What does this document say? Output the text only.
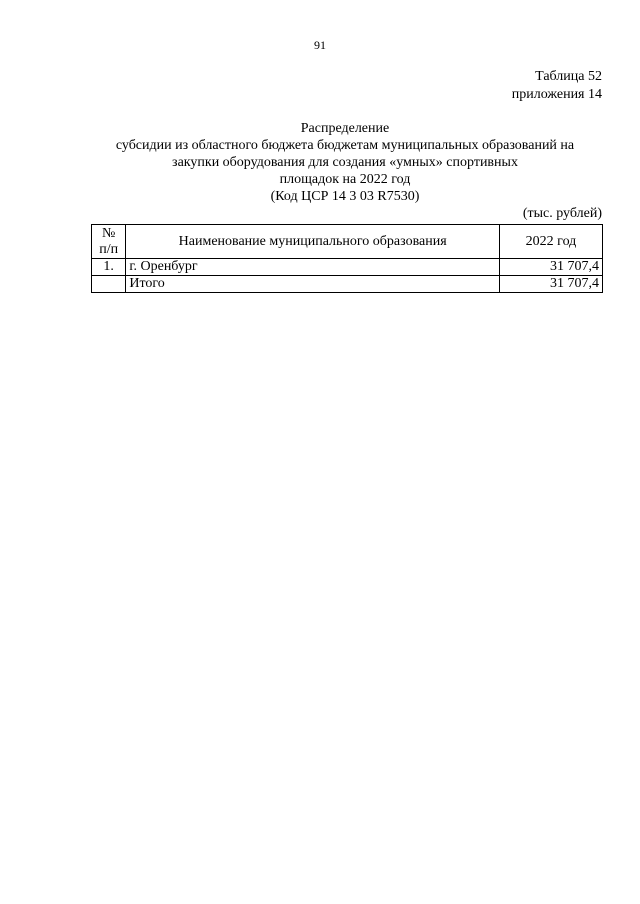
91
Таблица 52
приложения 14
Распределение
субсидии из областного бюджета бюджетам муниципальных образований на
закупки оборудования для создания «умных» спортивных
площадок на 2022 год
(Код ЦСР 14 3 03 R7530)
(тыс. рублей)
№
п/п	Наименование муниципального образования	2022 год
1.	г. Оренбург	31 707,4
	Итого	31 707,4
